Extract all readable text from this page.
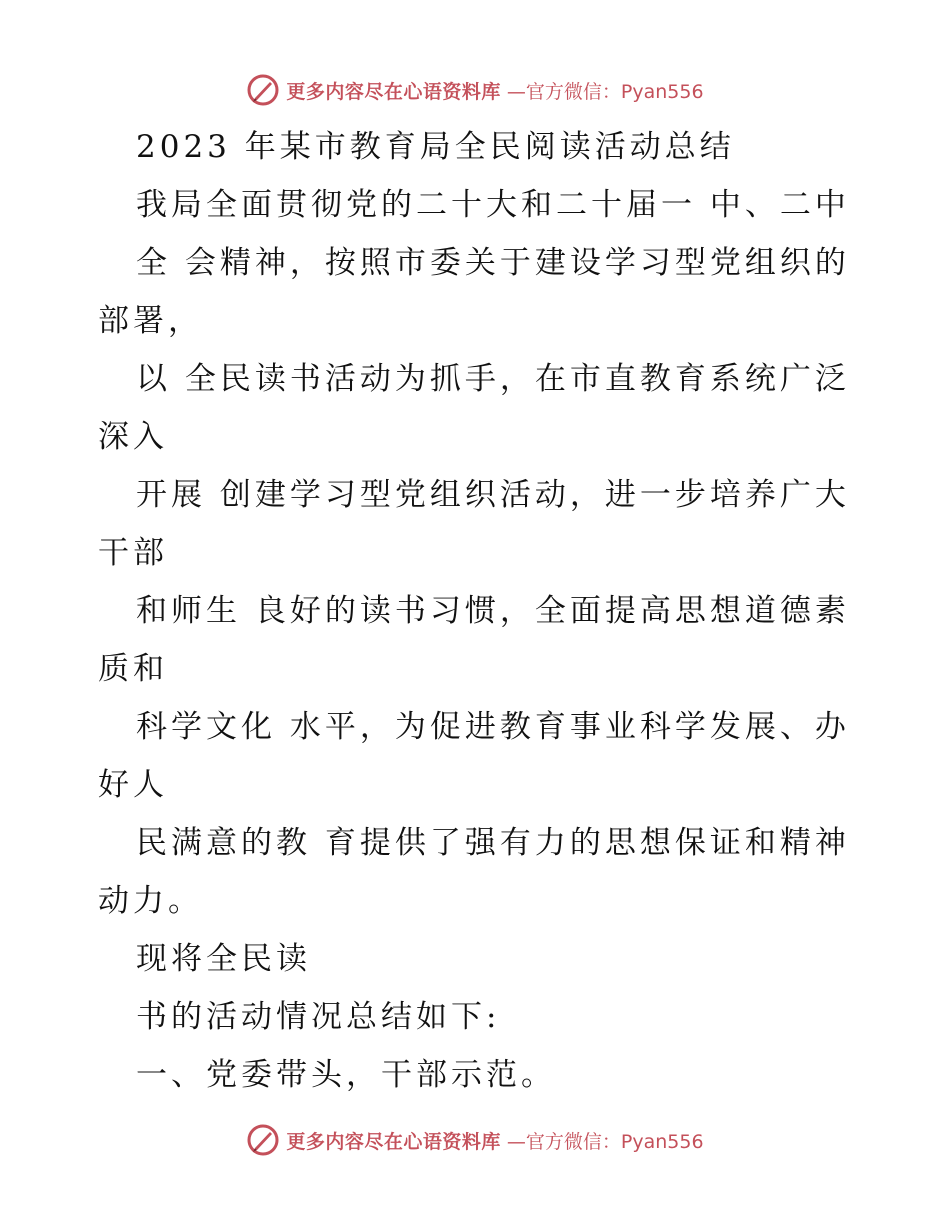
更多内容尽在心语资料库 —官方微信：Pyan556
2023 年某市教育局全民阅读活动总结
我局全面贯彻党的二十大和二十届一 中、二中
全 会精神，按照市委关于建设学习型党组织的
部署，
以 全民读书活动为抓手，在市直教育系统广泛
深入
开展 创建学习型党组织活动，进一步培养广大
干部
和师生 良好的读书习惯，全面提高思想道德素
质和
科学文化 水平，为促进教育事业科学发展、办
好人
民满意的教 育提供了强有力的思想保证和精神
动力。
现将全民读
书的活动情况总结如下:
一、党委带头，干部示范。
更多内容尽在心语资料库 —官方微信：Pyan556
